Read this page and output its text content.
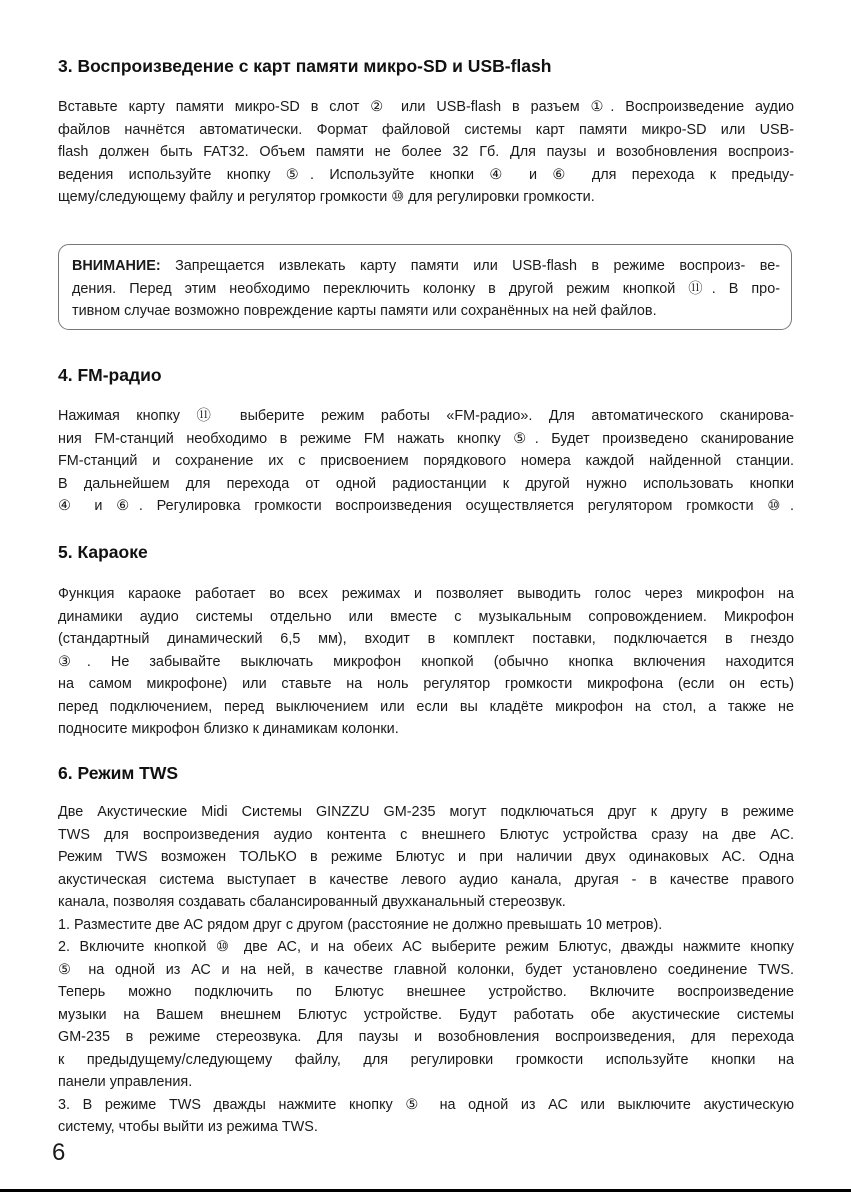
3. Воспроизведение с карт памяти микро-SD и USB-flash
Вставьте карту памяти микро-SD в слот ② или USB-flash в разъем ①. Воспроизведение аудио
файлов начнётся автоматически. Формат файловой системы карт памяти микро-SD или USB-
flash должен быть FAT32. Объем памяти не более 32 Гб. Для паузы и возобновления воспроиз-
ведения используйте кнопку ⑤. Используйте кнопки ④ и ⑥ для перехода к предыду-
щему/следующему файлу и регулятор громкости ⑩ для регулировки громкости.
ВНИМАНИЕ: Запрещается извлекать карту памяти или USB-flash в режиме воспроиз- ве-
дения. Перед этим необходимо переключить колонку в другой режим кнопкой ⑪. В про-
тивном случае возможно повреждение карты памяти или сохранённых на ней файлов.
4. FM-радио
Нажимая кнопку ⑪ выберите режим работы «FM-радио». Для автоматического сканирова-
ния FM-станций необходимо в режиме FM нажать кнопку ⑤. Будет произведено сканирование
FM-станций и сохранение их с присвоением порядкового номера каждой найденной станции.
В дальнейшем для перехода от одной радиостанции к другой нужно использовать кнопки
④ и ⑥. Регулировка громкости воспроизведения осуществляется регулятором громкости ⑩.
5. Караоке
Функция караоке работает во всех режимах и позволяет выводить голос через микрофон на
динамики аудио системы отдельно или вместе с музыкальным сопровождением. Микрофон
(стандартный динамический 6,5 мм), входит в комплект поставки, подключается в гнездо
③. Не забывайте выключать микрофон кнопкой (обычно кнопка включения находится
на самом микрофоне) или ставьте на ноль регулятор громкости микрофона (если он есть)
перед подключением, перед выключением или если вы кладёте микрофон на стол, а также не
подносите микрофон близко к динамикам колонки.
6. Режим TWS
Две Акустические Midi Системы GINZZU GM-235 могут подключаться друг к другу в режиме
TWS для воспроизведения аудио контента с внешнего Блютус устройства сразу на две АС.
Режим TWS возможен ТОЛЬКО в режиме Блютус и при наличии двух одинаковых АС. Одна
акустическая система выступает в качестве левого аудио канала, другая - в качестве правого
канала, позволяя создавать сбалансированный двухканальный стереозвук.
1. Разместите две АС рядом друг с другом (расстояние не должно превышать 10 метров).
2. Включите кнопкой ⑩ две АС, и на обеих АС выберите режим Блютус, дважды нажмите кнопку
⑤ на одной из АС и на ней, в качестве главной колонки, будет установлено соединение TWS.
Теперь можно подключить по Блютус внешнее устройство. Включите воспроизведение
музыки на Вашем внешнем Блютус устройстве. Будут работать обе акустические системы
GM-235 в режиме стереозвука. Для паузы и возобновления воспроизведения, для перехода
к предыдущему/следующему файлу, для регулировки громкости используйте кнопки на
панели управления.
3. В режиме TWS дважды нажмите кнопку ⑤ на одной из АС или выключите акустическую
систему, чтобы выйти из режима TWS.
6
